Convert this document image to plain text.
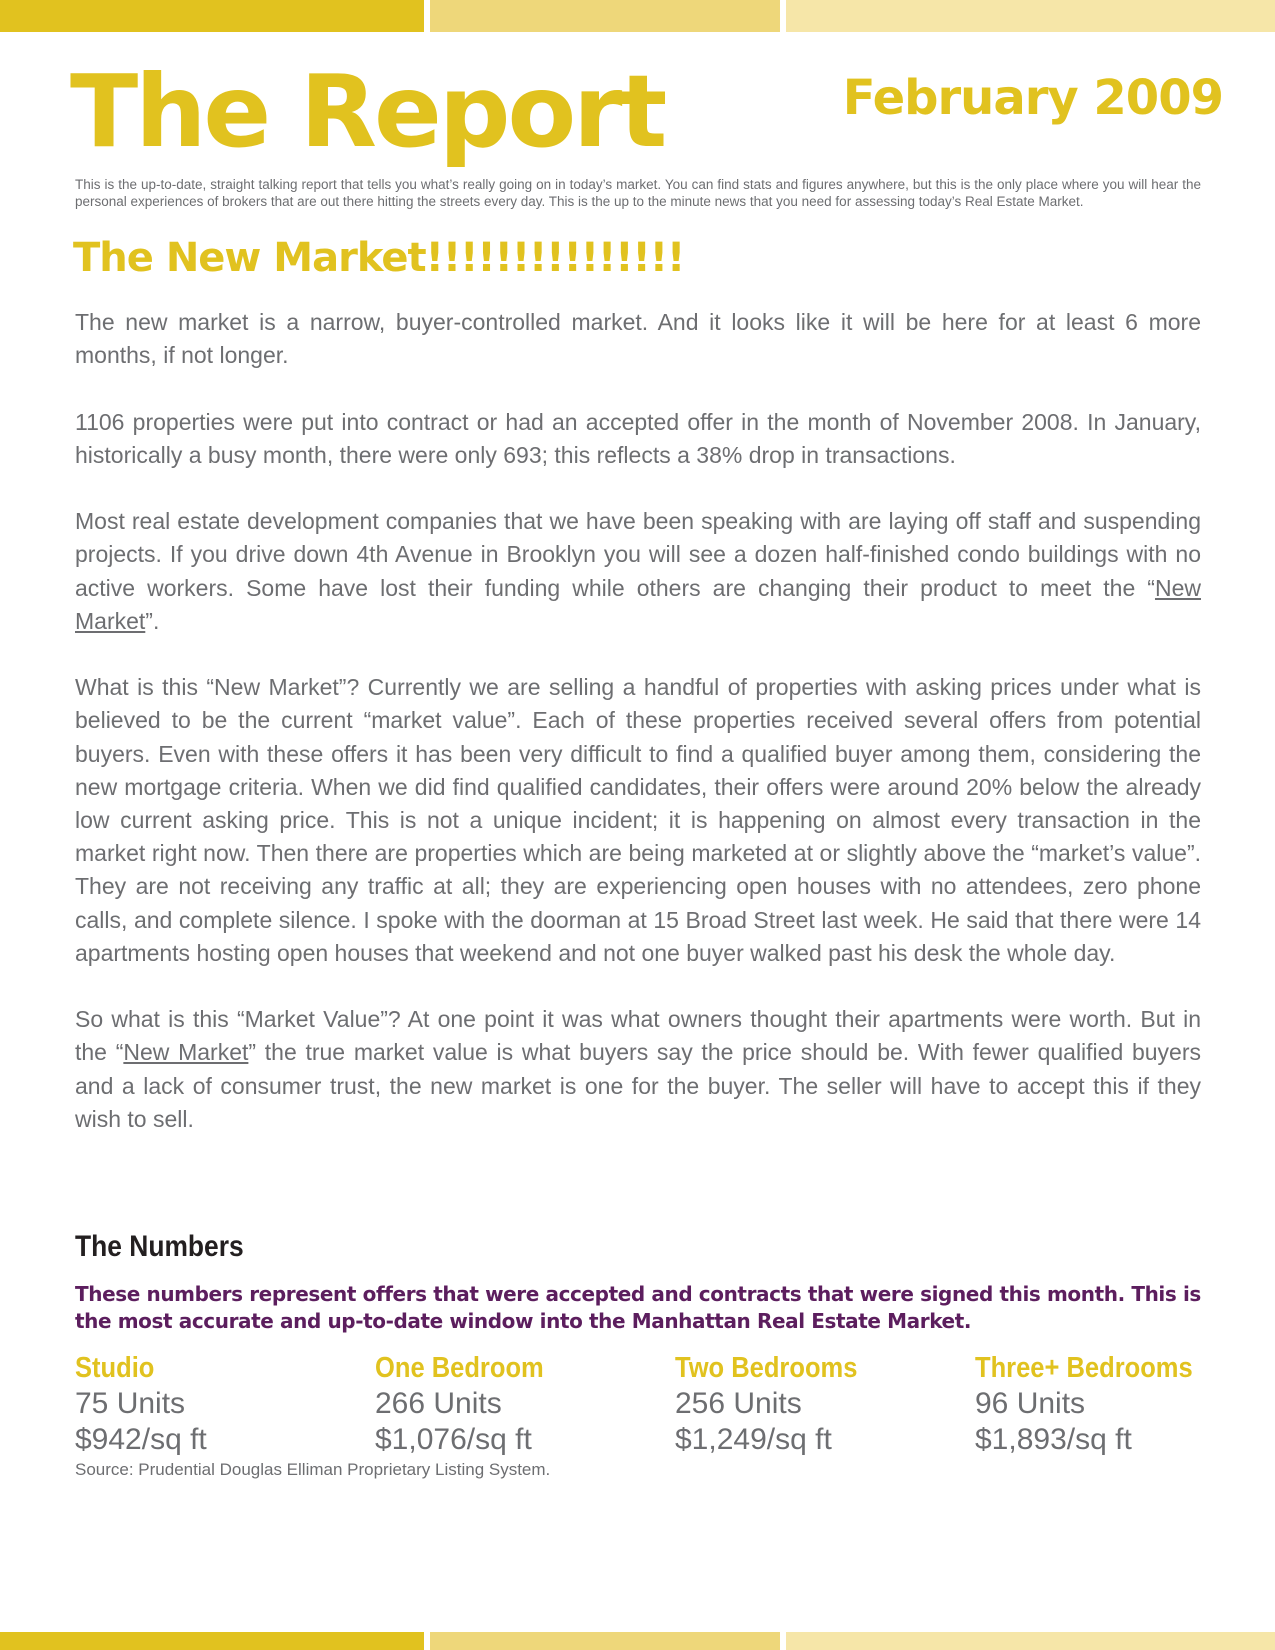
The Report	February 2009

This is the up-to-date, straight talking report that tells you what’s really going on in today’s market. You can find stats and figures anywhere, but this is the only place where you will hear the personal experiences of brokers that are out there hitting the streets every day. This is the up to the minute news that you need for assessing today’s Real Estate Market.

The New Market!!!!!!!!!!!!!!!

The new market is a narrow, buyer-controlled market. And it looks like it will be here for at least 6 more months, if not longer.

1106 properties were put into contract or had an accepted offer in the month of November 2008. In January, historically a busy month, there were only 693; this reflects a 38% drop in transactions.

Most real estate development companies that we have been speaking with are laying off staff and suspending projects. If you drive down 4th Avenue in Brooklyn you will see a dozen half-finished condo buildings with no active workers. Some have lost their funding while others are changing their product to meet the “New Market”.

What is this “New Market”? Currently we are selling a handful of properties with asking prices under what is believed to be the current “market value”. Each of these properties received several offers from potential buyers. Even with these offers it has been very difficult to find a qualified buyer among them, considering the new mortgage criteria. When we did find qualified candidates, their offers were around 20% below the already low current asking price. This is not a unique incident; it is happening on almost every transaction in the market right now. Then there are properties which are being marketed at or slightly above the “market’s value”. They are not receiving any traffic at all; they are experiencing open houses with no attendees, zero phone calls, and complete silence. I spoke with the doorman at 15 Broad Street last week. He said that there were 14 apartments hosting open houses that weekend and not one buyer walked past his desk the whole day.

So what is this “Market Value”? At one point it was what owners thought their apartments were worth. But in the “New Market” the true market value is what buyers say the price should be. With fewer qualified buyers and a lack of consumer trust, the new market is one for the buyer. The seller will have to accept this if they wish to sell.

The Numbers

These numbers represent offers that were accepted and contracts that were signed this month. This is the most accurate and up-to-date window into the Manhattan Real Estate Market.

Studio
75 Units
$942/sq ft
One Bedroom
266 Units
$1,076/sq ft
Two Bedrooms
256 Units
$1,249/sq ft
Three+ Bedrooms
96 Units
$1,893/sq ft

Source: Prudential Douglas Elliman Proprietary Listing System.
